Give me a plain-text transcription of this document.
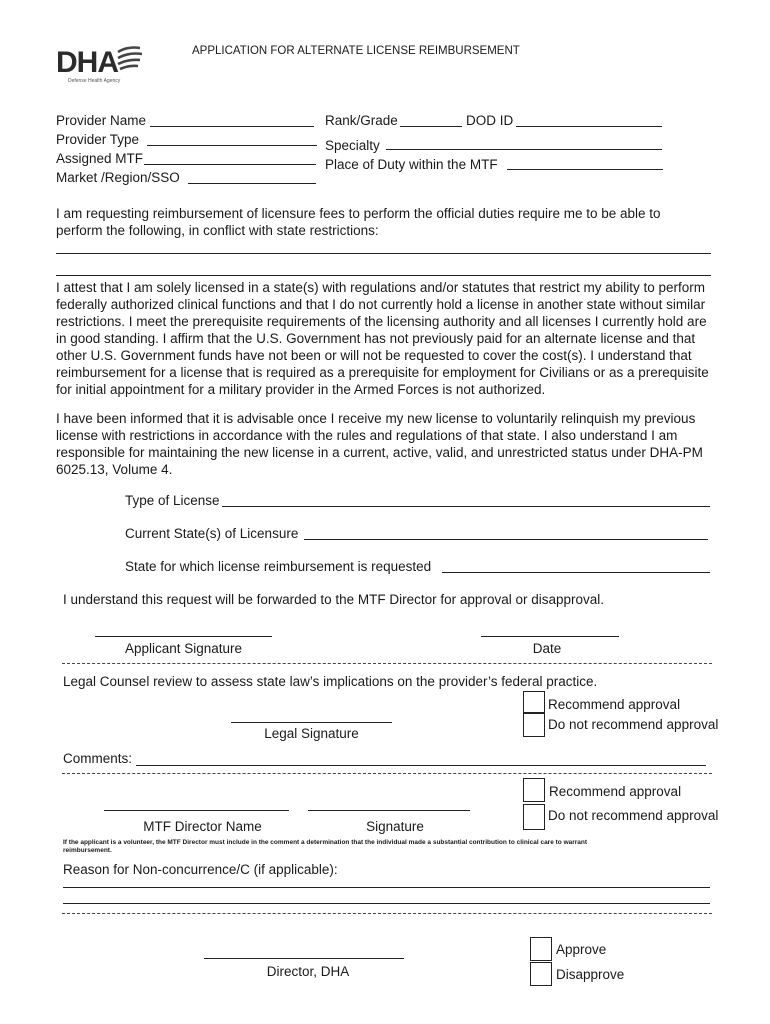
DHA
Defense Health Agency
APPLICATION FOR ALTERNATE LICENSE REIMBURSEMENT
Provider Name
Provider Type
Assigned MTF
Market /Region/SSO
Rank/Grade	DOD ID
Specialty
Place of Duty within the MTF
I am requesting reimbursement of licensure fees to perform the official duties require me to be able to perform the following, in conflict with state restrictions:
I attest that I am solely licensed in a state(s) with regulations and/or statutes that restrict my ability to perform
federally authorized clinical functions and that I do not currently hold a license in another state without similar
restrictions. I meet the prerequisite requirements of the licensing authority and all licenses I currently hold are
in good standing. I affirm that the U.S. Government has not previously paid for an alternate license and that
other U.S. Government funds have not been or will not be requested to cover the cost(s). I understand that
reimbursement for a license that is required as a prerequisite for employment for Civilians or as a prerequisite
for initial appointment for a military provider in the Armed Forces is not authorized.
I have been informed that it is advisable once I receive my new license to voluntarily relinquish my previous
license with restrictions in accordance with the rules and regulations of that state. I also understand I am
responsible for maintaining the new license in a current, active, valid, and unrestricted status under DHA-PM
6025.13, Volume 4.
Type of License
Current State(s) of Licensure
State for which license reimbursement is requested
I understand this request will be forwarded to the MTF Director for approval or disapproval.
Applicant Signature	Date
Legal Counsel review to assess state law’s implications on the provider’s federal practice.
Recommend approval
Do not recommend approval
Legal Signature
Comments:
Recommend approval
Do not recommend approval
MTF Director Name	Signature
If the applicant is a volunteer, the MTF Director must include in the comment a determination that the individual made a substantial contribution to clinical care to warrant
reimbursement.
Reason for Non-concurrence/C (if applicable):
Approve
Disapprove
Director, DHA
